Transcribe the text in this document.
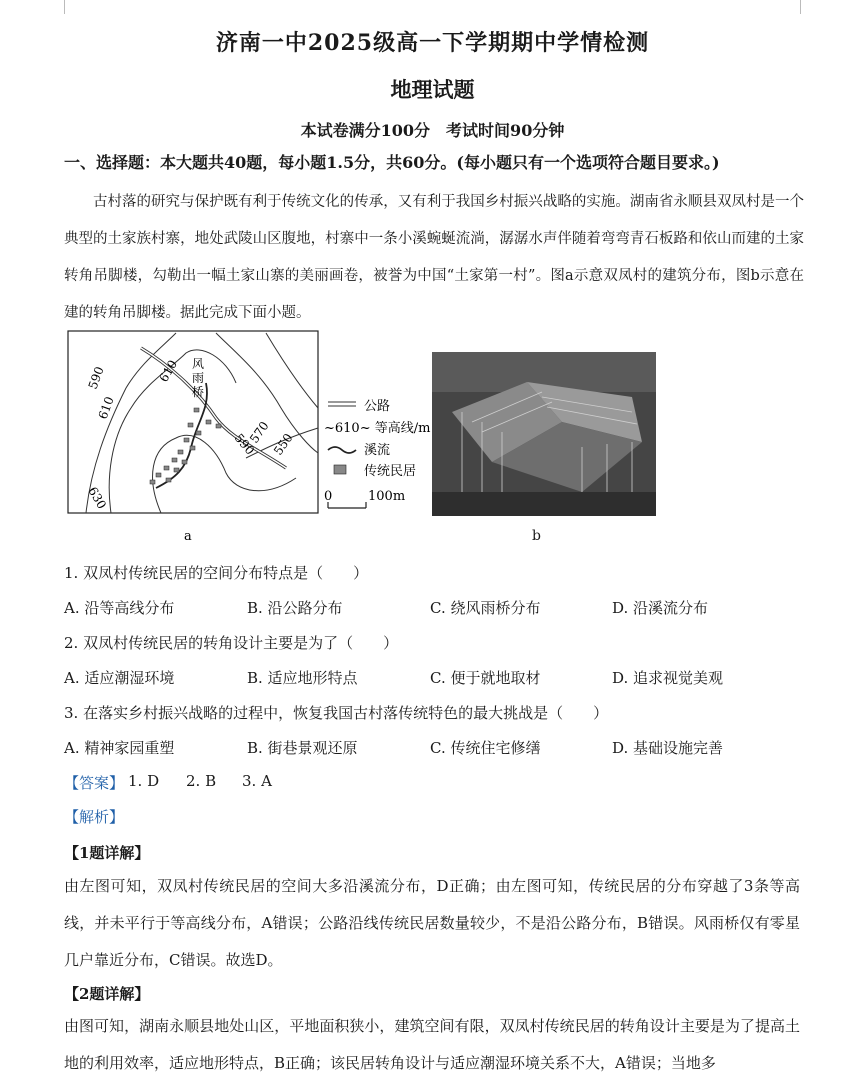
济南一中2025级高一下学期期中学情检测
地理试题
本试卷满分100分　考试时间90分钟
一、选择题：本大题共40题，每小题1.5分，共60分。(每小题只有一个选项符合题目要求。)

古村落的研究与保护既有利于传统文化的传承，又有利于我国乡村振兴战略的实施。湖南省永顺县双凤村是一个典型的土家族村寨，地处武陵山区腹地，村寨中一条小溪蜿蜒流淌，潺潺水声伴随着弯弯青石板路和依山而建的土家转角吊脚楼，勾勒出一幅土家山寨的美丽画卷，被誉为中国“土家第一村”。图a示意双凤村的建筑分布，图b示意在建的转角吊脚楼。据此完成下面小题。

590
610
630
610
590
570 550
风
雨
桥
公路
~610~ 等高线/m
溪流
传统民居
0	100m
a	b
1. 双凤村传统民居的空间分布特点是（　　）
A. 沿等高线分布	B. 沿公路分布	C. 绕风雨桥分布	D. 沿溪流分布
2. 双凤村传统民居的转角设计主要是为了（　　）
A. 适应潮湿环境	B. 适应地形特点	C. 便于就地取材	D. 追求视觉美观
3. 在落实乡村振兴战略的过程中，恢复我国古村落传统特色的最大挑战是（　　）
A. 精神家园重塑	B. 街巷景观还原	C. 传统住宅修缮	D. 基础设施完善
【答案】 1. D 2. B 3. A
【解析】
【1题详解】

由左图可知，双凤村传统民居的空间大多沿溪流分布，D正确；由左图可知，传统民居的分布穿越了3条等高线，并未平行于等高线分布，A错误；公路沿线传统民居数量较少，不是沿公路分布，B错误。风雨桥仅有零星几户靠近分布，C错误。故选D。

【2题详解】

由图可知，湖南永顺县地处山区，平地面积狭小，建筑空间有限，双凤村传统民居的转角设计主要是为了提高土地的利用效率，适应地形特点，B正确；该民居转角设计与适应潮湿环境关系不大，A错误；当地多
